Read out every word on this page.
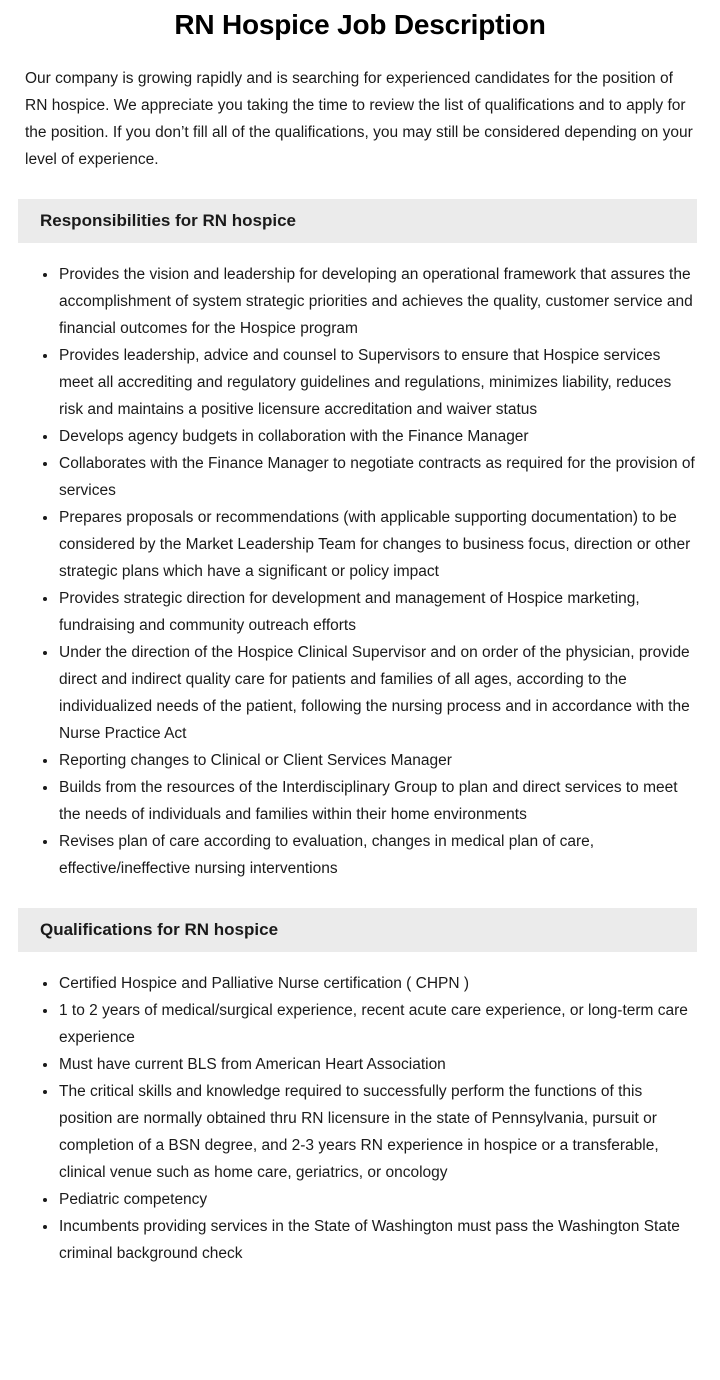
RN Hospice Job Description

Our company is growing rapidly and is searching for experienced candidates for the position of RN hospice. We appreciate you taking the time to review the list of qualifications and to apply for the position. If you don’t fill all of the qualifications, you may still be considered depending on your level of experience.

Responsibilities for RN hospice
Provides the vision and leadership for developing an operational framework that assures the accomplishment of system strategic priorities and achieves the quality, customer service and financial outcomes for the Hospice program
Provides leadership, advice and counsel to Supervisors to ensure that Hospice services meet all accrediting and regulatory guidelines and regulations, minimizes liability, reduces risk and maintains a positive licensure accreditation and waiver status
Develops agency budgets in collaboration with the Finance Manager
Collaborates with the Finance Manager to negotiate contracts as required for the provision of services
Prepares proposals or recommendations (with applicable supporting documentation) to be considered by the Market Leadership Team for changes to business focus, direction or other strategic plans which have a significant or policy impact
Provides strategic direction for development and management of Hospice marketing, fundraising and community outreach efforts
Under the direction of the Hospice Clinical Supervisor and on order of the physician, provide direct and indirect quality care for patients and families of all ages, according to the individualized needs of the patient, following the nursing process and in accordance with the Nurse Practice Act
Reporting changes to Clinical or Client Services Manager
Builds from the resources of the Interdisciplinary Group to plan and direct services to meet the needs of individuals and families within their home environments
Revises plan of care according to evaluation, changes in medical plan of care, effective/ineffective nursing interventions
Qualifications for RN hospice
Certified Hospice and Palliative Nurse certification ( CHPN )
1 to 2 years of medical/surgical experience, recent acute care experience, or long-term care experience
Must have current BLS from American Heart Association
The critical skills and knowledge required to successfully perform the functions of this position are normally obtained thru RN licensure in the state of Pennsylvania, pursuit or completion of a BSN degree, and 2-3 years RN experience in hospice or a transferable, clinical venue such as home care, geriatrics, or oncology
Pediatric competency
Incumbents providing services in the State of Washington must pass the Washington State criminal background check
